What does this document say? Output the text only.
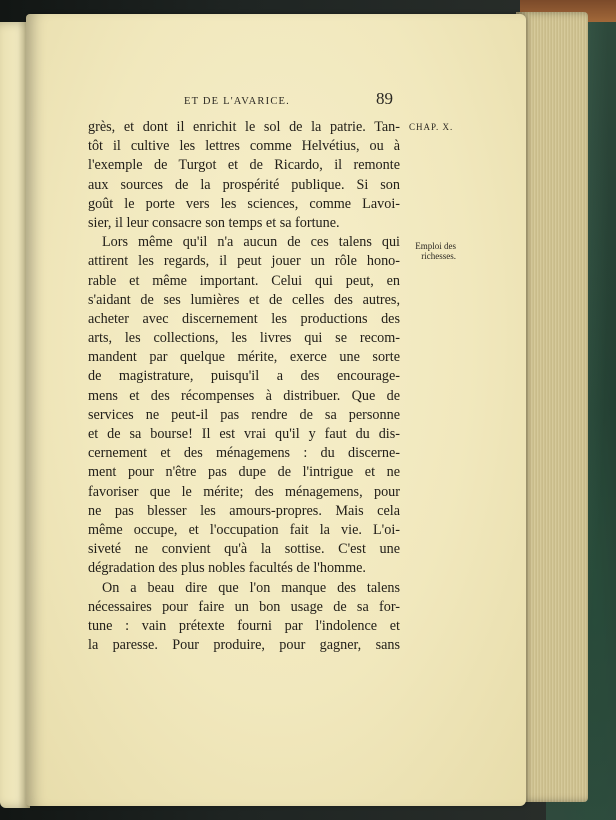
ET DE L'AVARICE.	89
CHAP. X.
Emploi des
richesses.
grès, et dont il enrichit le sol de la patrie. Tan-
tôt il cultive les lettres comme Helvétius, ou à
l'exemple de Turgot et de Ricardo, il remonte
aux sources de la prospérité publique. Si son
goût le porte vers les sciences, comme Lavoi-
sier, il leur consacre son temps et sa fortune.
Lors même qu'il n'a aucun de ces talens qui
attirent les regards, il peut jouer un rôle hono-
rable et même important. Celui qui peut, en
s'aidant de ses lumières et de celles des autres,
acheter avec discernement les productions des
arts, les collections, les livres qui se recom-
mandent par quelque mérite, exerce une sorte
de magistrature, puisqu'il a des encourage-
mens et des récompenses à distribuer. Que de
services ne peut-il pas rendre de sa personne
et de sa bourse! Il est vrai qu'il y faut du dis-
cernement et des ménagemens : du discerne-
ment pour n'être pas dupe de l'intrigue et ne
favoriser que le mérite; des ménagemens, pour
ne pas blesser les amours-propres. Mais cela
même occupe, et l'occupation fait la vie. L'oi-
siveté ne convient qu'à la sottise. C'est une
dégradation des plus nobles facultés de l'homme.
On a beau dire que l'on manque des talens
nécessaires pour faire un bon usage de sa for-
tune : vain prétexte fourni par l'indolence et
la paresse. Pour produire, pour gagner, sans
